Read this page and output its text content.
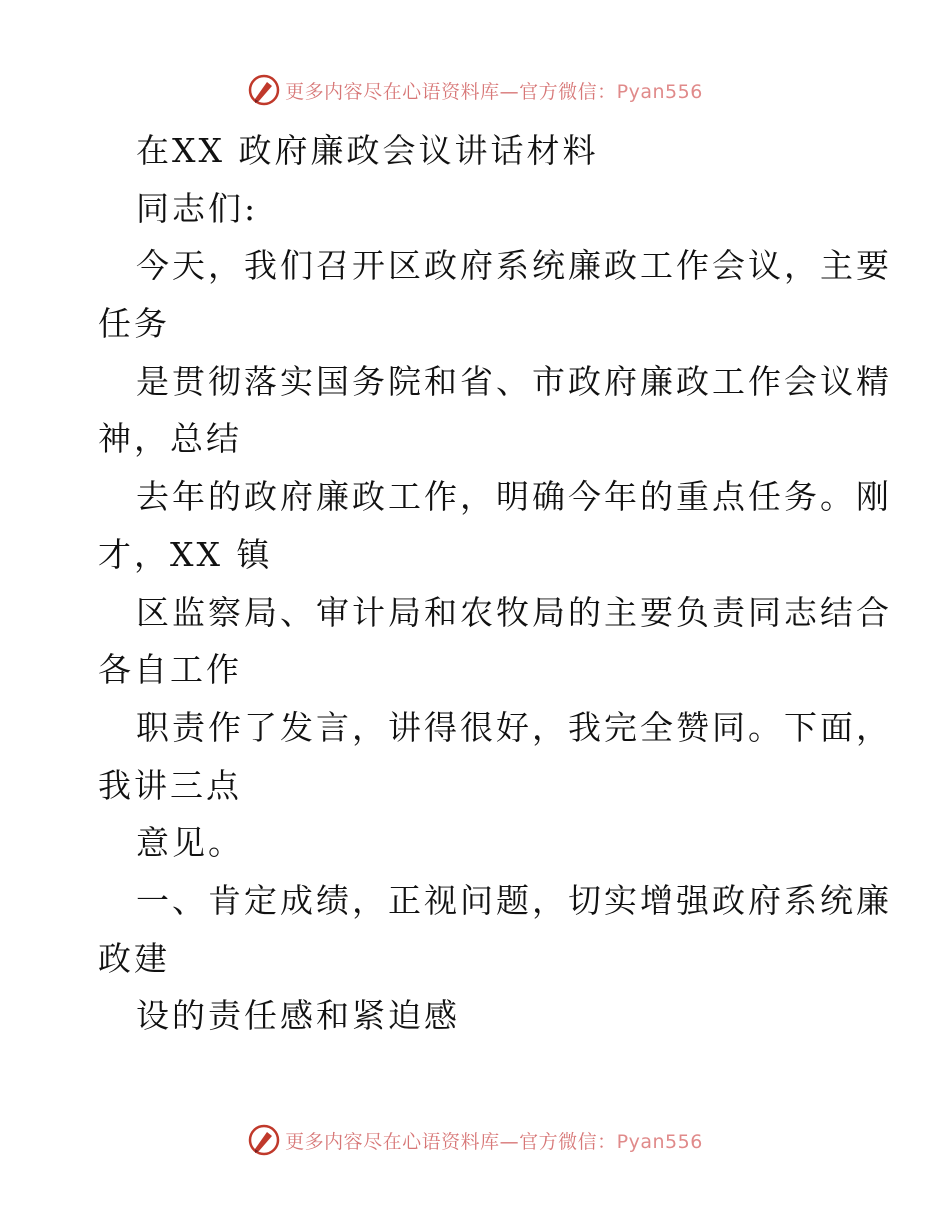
更多内容尽在心语资料库—官方微信：Pyan556
在XX 政府廉政会议讲话材料
同志们:
今天，我们召开区政府系统廉政工作会议，主要
任务
是贯彻落实国务院和省、市政府廉政工作会议精
神，总结
去年的政府廉政工作，明确今年的重点任务。刚
才，XX 镇
区监察局、审计局和农牧局的主要负责同志结合
各自工作
职责作了发言，讲得很好，我完全赞同。下面，
我讲三点
意见。
一、肯定成绩，正视问题，切实增强政府系统廉
政建
设的责任感和紧迫感
更多内容尽在心语资料库—官方微信：Pyan556
